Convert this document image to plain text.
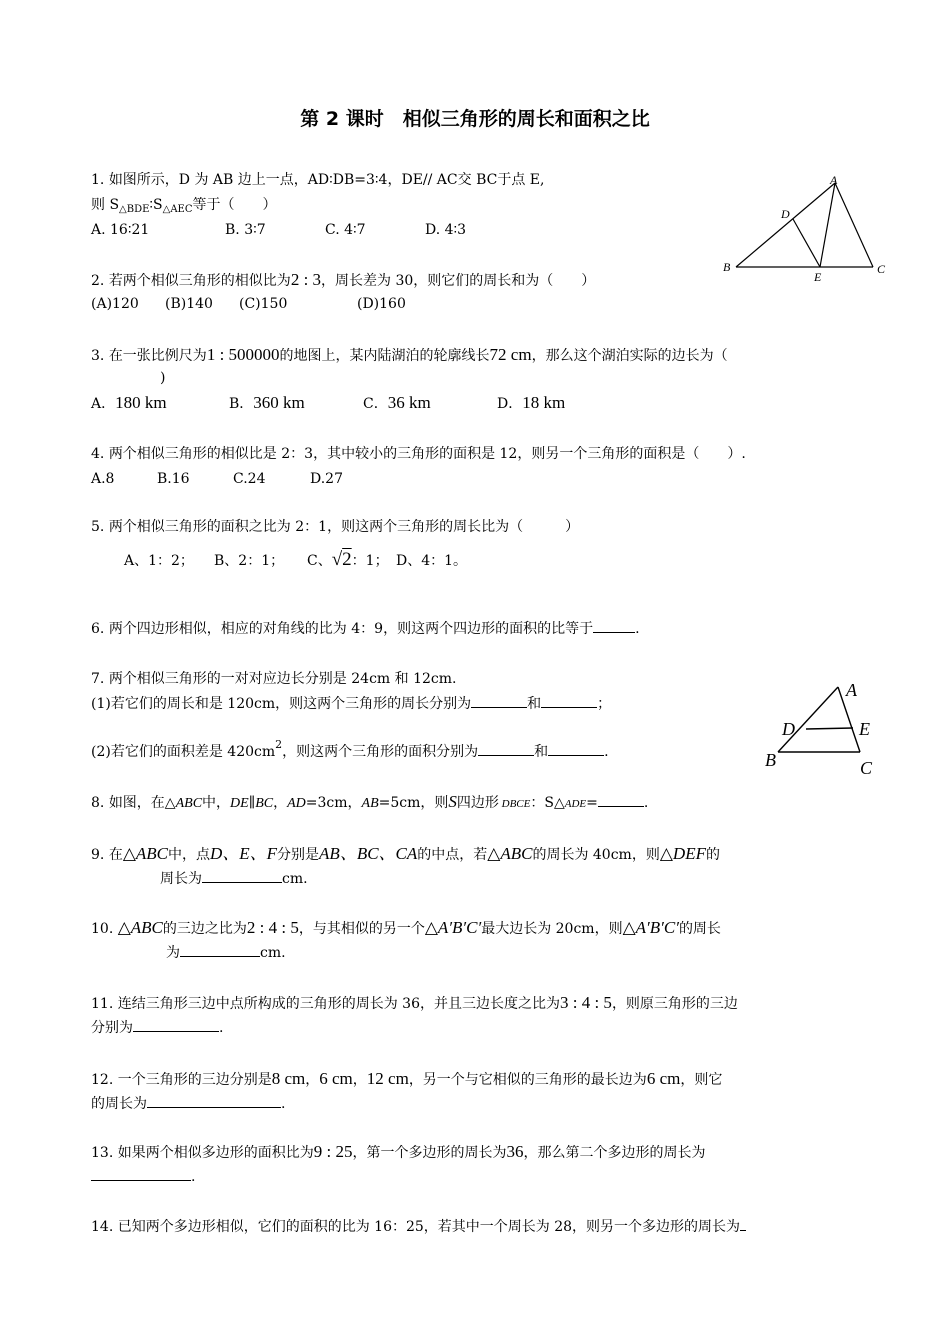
第 2 课时　相似三角形的周长和面积之比
1. 如图所示，D 为 AB 边上一点，AD∶DB=3∶4，DE// AC交 BC于点 E,
则 $S_{\triangle BDE}∶S_{\triangle AEC}$等于（　　）
A. 16∶21	B. 3∶7	C. 4∶7	D. 4∶3
A
B	C
D
E
2. 若两个相似三角形的相似比为2 : 3，周长差为 30，则它们的周长和为（　　）
(A)120 (B)140 (C)150	(D)160
3. 在一张比例尺为1 : 500000的地图上，某内陆湖泊的轮廓线长72 cm，那么这个湖泊实际的边长为（
)
A．180 km	B．360 km	C．36 km	D．18 km
4. 两个相似三角形的相似比是 2：3，其中较小的三角形的面积是 12，则另一个三角形的面积是（　　）.
A.8	B.16	C.24	D.27
5. 两个相似三角形的面积之比为 2：1，则这两个三角形的周长比为（　　　）
A、1：2； B、2：1； C、√2：1； D、4：1。
6. 两个四边形相似，相应的对角线的比为 4：9，则这两个四边形的面积的比等于	.
7. 两个相似三角形的一对对应边长分别是 24cm 和 12cm.
(1)若它们的周长和是 120cm，则这两个三角形的周长分别为	和	；
(2)若它们的面积差是 $420cm^2$，则这两个三角形的面积分别为	和	.
A
B	C
D	E
8. 如图，在△ABC中，DE∥BC，AD=3cm，AB=5cm，则S四边形 DBCE：S△ADE=	.
9. 在△ABC中，点D、E、F分别是AB、BC、CA的中点，若△ABC的周长为 40cm，则△DEF的
周长为	cm.
10. △ABC的三边之比为2 : 4 : 5，与其相似的另一个△A′B′C′最大边长为 20cm，则△A′B′C′的周长
为	cm.
11. 连结三角形三边中点所构成的三角形的周长为 36，并且三边长度之比为3 : 4 : 5，则原三角形的三边
分别为	.
12. 一个三角形的三边分别是8 cm，6 cm，12 cm，另一个与它相似的三角形的最长边为6 cm，则它
的周长为	.
13. 如果两个相似多边形的面积比为9 : 25，第一个多边形的周长为36，那么第二个多边形的周长为
.
14. 已知两个多边形相似，它们的面积的比为 16：25，若其中一个周长为 28，则另一个多边形的周长为
